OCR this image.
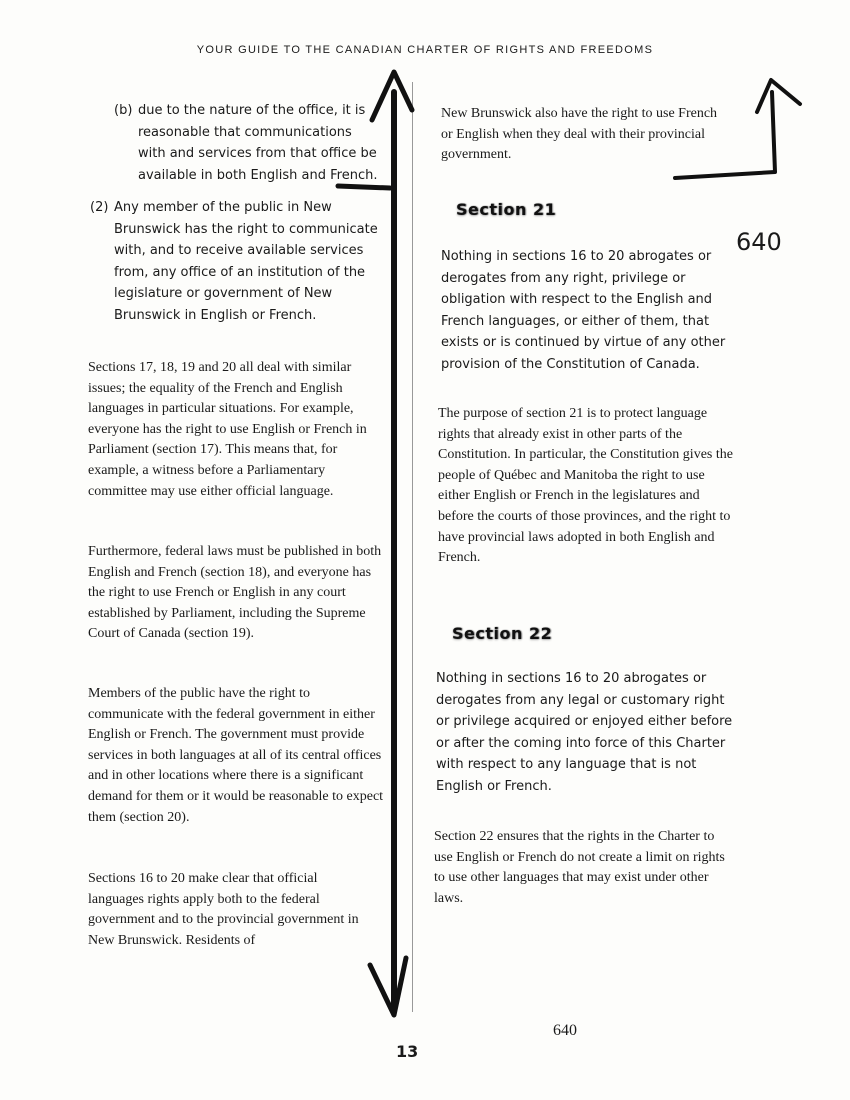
YOUR GUIDE TO THE CANADIAN CHARTER OF RIGHTS AND FREEDOMS
(b) due to the nature of the office, it is reasonable that communications with and services from that office be available in both English and French.
(2) Any member of the public in New Brunswick has the right to communicate with, and to receive available services from, any office of an institution of the legislature or government of New Brunswick in English or French.
Sections 17, 18, 19 and 20 all deal with similar issues; the equality of the French and English languages in particular situations. For example, everyone has the right to use English or French in Parliament (section 17). This means that, for example, a witness before a Parliamentary committee may use either official language.
Furthermore, federal laws must be published in both English and French (section 18), and everyone has the right to use French or English in any court established by Parliament, including the Supreme Court of Canada (section 19).
Members of the public have the right to communicate with the federal government in either English or French. The government must provide services in both languages at all of its central offices and in other locations where there is a significant demand for them or it would be reasonable to expect them (section 20).
Sections 16 to 20 make clear that official languages rights apply both to the federal government and to the provincial government in New Brunswick. Residents of
New Brunswick also have the right to use French or English when they deal with their provincial government.
Section 21
Nothing in sections 16 to 20 abrogates or derogates from any right, privilege or obligation with respect to the English and French languages, or either of them, that exists or is continued by virtue of any other provision of the Constitution of Canada.
The purpose of section 21 is to protect language rights that already exist in other parts of the Constitution. In particular, the Constitution gives the people of Québec and Manitoba the right to use either English or French in the legislatures and before the courts of those provinces, and the right to have provincial laws adopted in both English and French.
Section 22
Nothing in sections 16 to 20 abrogates or derogates from any legal or customary right or privilege acquired or enjoyed either before or after the coming into force of this Charter with respect to any language that is not English or French.
Section 22 ensures that the rights in the Charter to use English or French do not create a limit on rights to use other languages that may exist under other laws.
640
640
13
